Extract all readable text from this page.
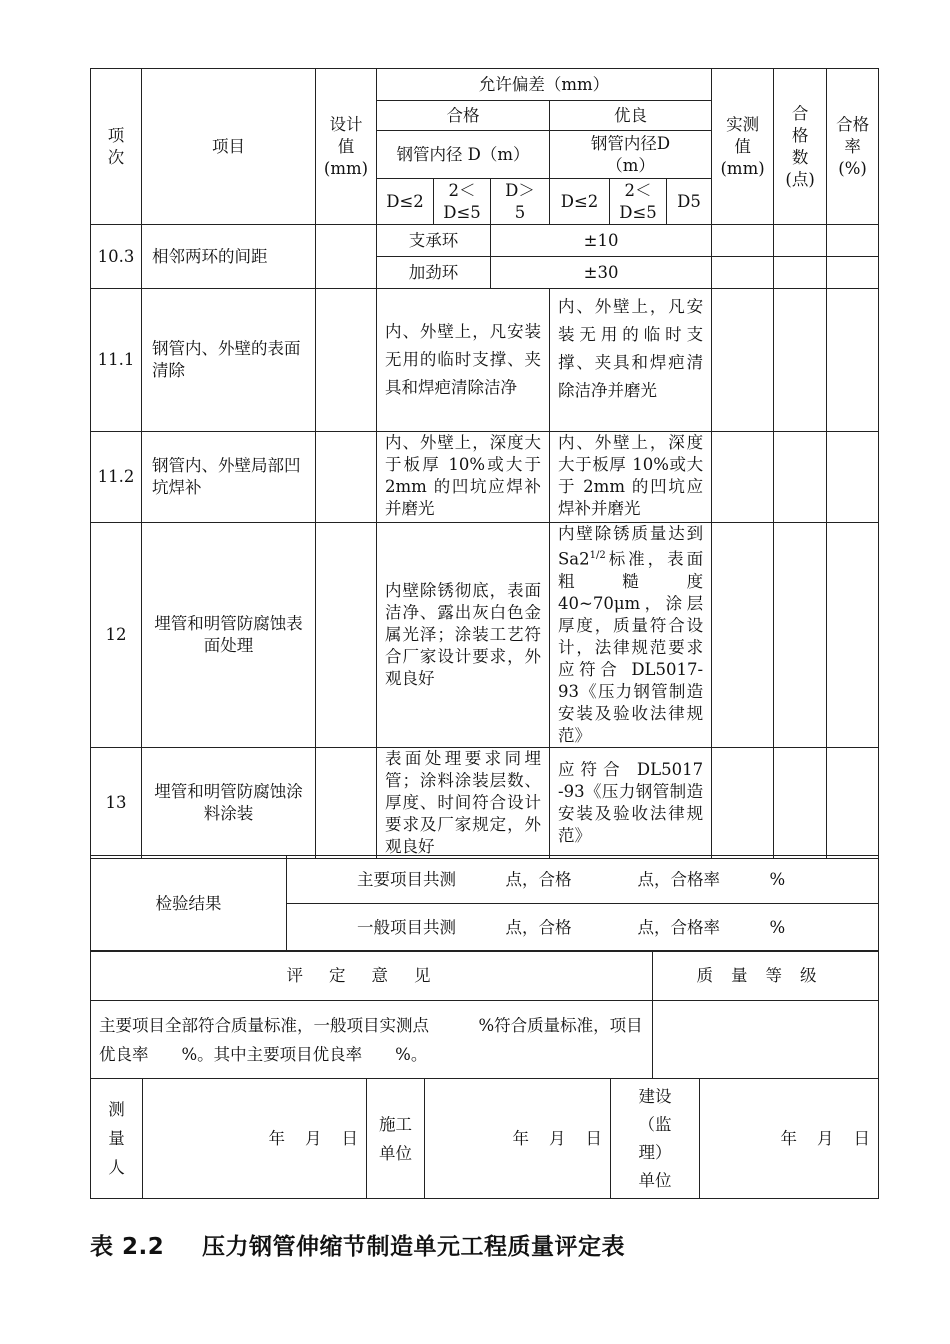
项次	项目	设计值(mm)	允许偏差（mm）						实测值(mm)	合格数(点)	合格率(%)
			合格			优良					
			钢管内径 D（m）			钢管内径D（m）					
			D≤2	2＜D≤5	D＞5	D≤2	2＜D≤5	D5			
10.3	相邻两环的间距		支承环		±10						
			加劲环		±30						
11.1	钢管内、外壁的表面清除		内、外壁上，凡安装无用的临时支撑、夹具和焊疤清除洁净			内、外壁上，凡安装无用的临时支撑、夹具和焊疤清除洁净并磨光					
11.2	钢管内、外壁局部凹坑焊补		内、外壁上，深度大于板厚 10%或大于 2mm 的凹坑应焊补并磨光			内、外壁上，深度大于板厚 10%或大于 2mm 的凹坑应焊补并磨光					
12	埋管和明管防腐蚀表面处理		内壁除锈彻底，表面洁净、露出灰白色金属光泽；涂装工艺符合厂家设计要求，外观良好			内壁除锈质量达到 $Sa2^{1/2}$标准，表面粗糙度 40~70μm，涂层厚度，质量符合设计，法律规范要求应符合 DL5017-93《压力钢管制造安装及验收法律规范》					
13	埋管和明管防腐蚀涂料涂装		表面处理要求同埋管；涂料涂装层数、厚度、时间符合设计要求及厂家规定，外观良好			应符合 DL5017 -93《压力钢管制造安装及验收法律规范》					
检验结果	主要项目共测　　　点，合格　　　　点，合格率　　　%
一般项目共测　　　点，合格　　　　点，合格率　　　%
评定意见	质量等级
主要项目全部符合质量标准，一般项目实测点　　　%符合质量标准，项目优良率　　%。其中主要项目优良率　　%。	
测量人	年 月 日	施工单位	年 月 日	建设（监理）单位	年 月 日
表 2.2 压力钢管伸缩节制造单元工程质量评定表
